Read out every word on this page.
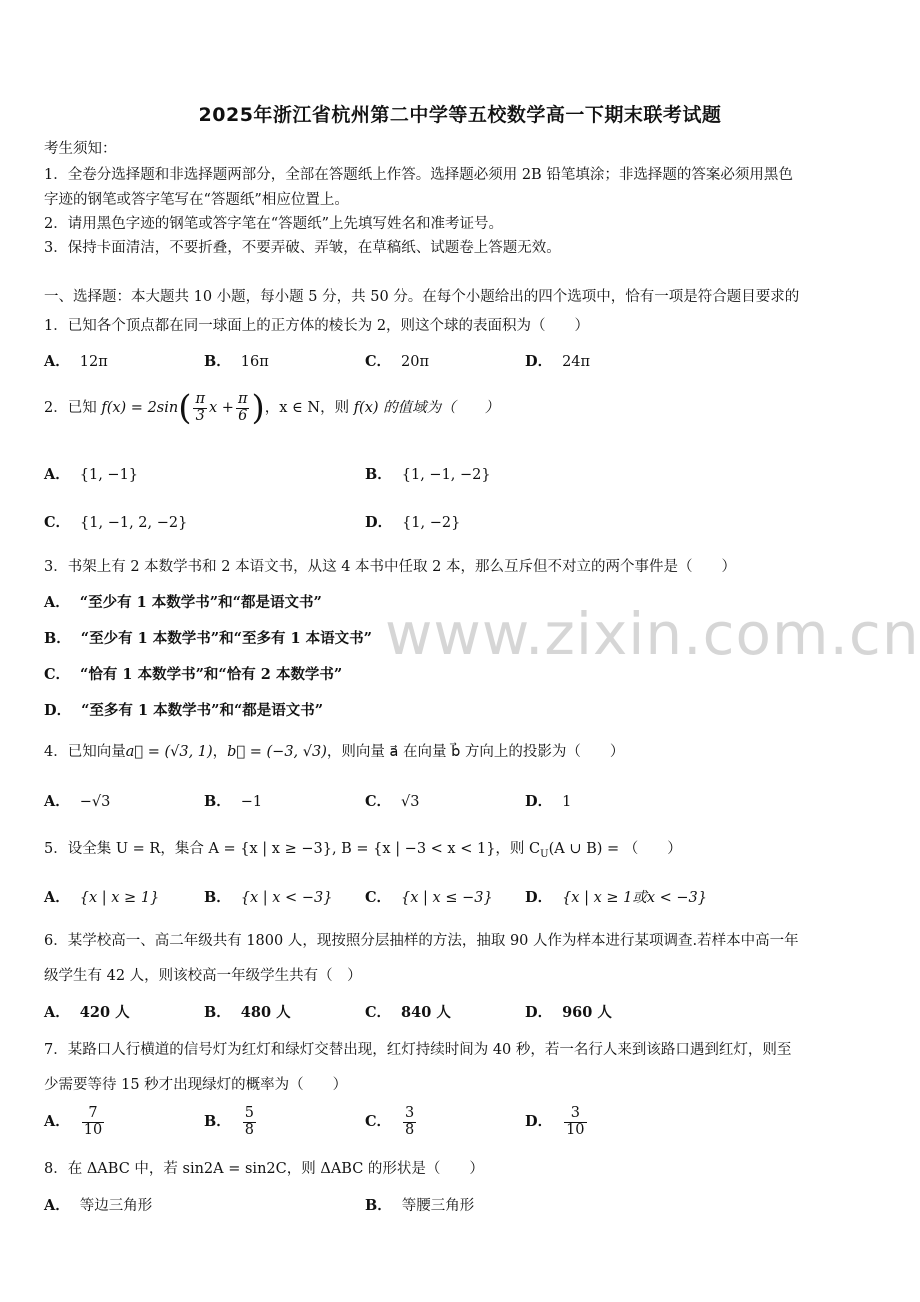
www.zixin.com.cn
2025年浙江省杭州第二中学等五校数学高一下期末联考试题
考生须知：
1．全卷分选择题和非选择题两部分，全部在答题纸上作答。选择题必须用 2B 铅笔填涂；非选择题的答案必须用黑色
字迹的钢笔或答字笔写在“答题纸”相应位置上。
2．请用黑色字迹的钢笔或答字笔在“答题纸”上先填写姓名和准考证号。
3．保持卡面清洁，不要折叠，不要弄破、弄皱，在草稿纸、试题卷上答题无效。
一、选择题：本大题共 10 小题，每小题 5 分，共 50 分。在每个小题给出的四个选项中，恰有一项是符合题目要求的
1．已知各个顶点都在同一球面上的正方体的棱长为 2，则这个球的表面积为（　　）
A． 12π	B． 16π	C． 20π	D． 24π
2．已知 $f(x) = 2\sin( \frac{\pi}{3}$ $x + \frac{\pi}{6}$ )，x ∈ N，则 f(x) 的值域为（　　）
A． {1, −1}	B． {1, −1, −2}
C． {1, −1, 2, −2}	D． {1, −2}
3．书架上有 2 本数学书和 2 本语文书，从这 4 本书中任取 2 本，那么互斥但不对立的两个事件是（　　）
A． “至少有 1 本数学书”和“都是语文书”
B． “至少有 1 本数学书”和“至多有 1 本语文书”
C． “恰有 1 本数学书”和“恰有 2 本数学书”
D． “至多有 1 本数学书”和“都是语文书”
4．已知向量a⃗ = (√3, 1)，b⃗ = (−3, √3)，则向量 a⃗ 在向量 b⃗ 方向上的投影为（　　）
A． −√3	B． −1	C． √3	D． 1
5．设全集 U = R，集合 A = {x | x ≥ −3}, B = {x | −3 < x < 1}，则 $C_U(A$ ∪ B) = （　　）
A． {x | x ≥ 1}	B． {x | x < −3} C． {x | x ≤ −3} D． {x | x ≥ 1或x < −3}
6．某学校高一、高二年级共有 1800 人，现按照分层抽样的方法，抽取 90 人作为样本进行某项调查.若样本中高一年
级学生有 42 人，则该校高一年级学生共有（　）
A． 420 人	B． 480 人	C． 840 人	D． 960 人
7．某路口人行横道的信号灯为红灯和绿灯交替出现，红灯持续时间为 40 秒，若一名行人来到该路口遇到红灯，则至
少需要等待 15 秒才出现绿灯的概率为（　　）
A． $\frac{7}{10}$	B． $\frac{5}{8}$	C． $\frac{3}{8}$	D． $\frac{3}{10}$
8．在 ΔABC 中，若 sin2A = sin2C，则 ΔABC 的形状是（　　）
A． 等边三角形	B． 等腰三角形
